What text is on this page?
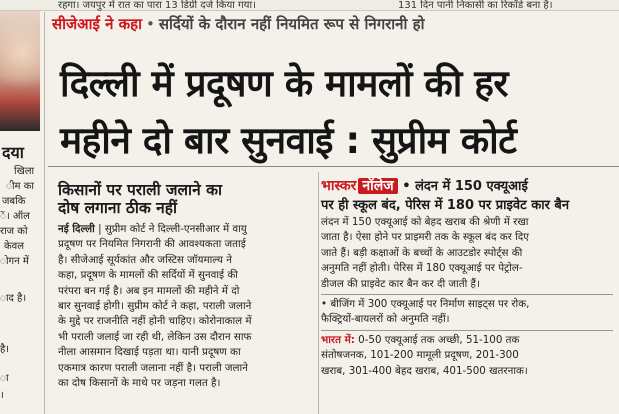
रहगा। जयपुर में रात का पारा 13 डिग्री दर्ज किया गया।	131 दिन पानी निकासी का रिकॉर्ड बना है।
दया
खिला
ीम का
जबकि
ें। ऑल
राज को
केवल
ोगन में
ाद है।
है।
ा
।
सीजेआई ने कहा • सर्दियों के दौरान नहीं नियमित रूप से निगरानी हो
दिल्ली में प्रदूषण के मामलों की हर
महीने दो बार सुनवाई : सुप्रीम कोर्ट
किसानों पर पराली जलाने का
दोष लगाना ठीक नहीं
नई दिल्ली | सुप्रीम कोर्ट ने दिल्ली-एनसीआर में वायु
प्रदूषण पर नियमित निगरानी की आवश्यकता जताई
है। सीजेआई सूर्यकांत और जस्टिस जॉयमाल्य ने
कहा, प्रदूषण के मामलों की सर्दियों में सुनवाई की
परंपरा बन गई है। अब इन मामलों की महीने में दो
बार सुनवाई होगी। सुप्रीम कोर्ट ने कहा, पराली जलाने
के मुद्दे पर राजनीति नहीं होनी चाहिए। कोरोनाकाल में
भी पराली जलाई जा रही थी, लेकिन उस दौरान साफ
नीला आसमान दिखाई पड़ता था। यानी प्रदूषण का
एकमात्र कारण पराली जलाना नहीं है। पराली जलाने
का दोष किसानों के माथे पर जड़ना गलत है।
भास्कर नॉलेज • लंदन में 150 एक्यूआई
पर ही स्कूल बंद, पेरिस में 180 पर प्राइवेट कार बैन
लंदन में 150 एक्यूआई को बेहद खराब की श्रेणी में रखा
जाता है। ऐसा होने पर प्राइमरी तक के स्कूल बंद कर दिए
जाते हैं। बड़ी कक्षाओं के बच्चों के आउटडोर स्पोर्ट्स की
अनुमति नहीं होती। पेरिस में 180 एक्यूआई पर पेट्रोल-
डीजल की प्राइवेट कार बैन कर दी जाती हैं।
• बीजिंग में 300 एक्यूआई पर निर्माण साइट्स पर रोक,
फैक्ट्रियों-बायलरों को अनुमति नहीं।
भारत में: 0-50 एक्यूआई तक अच्छी, 51-100 तक
संतोषजनक, 101-200 मामूली प्रदूषण, 201-300
खराब, 301-400 बेहद खराब, 401-500 खतरनाक।
